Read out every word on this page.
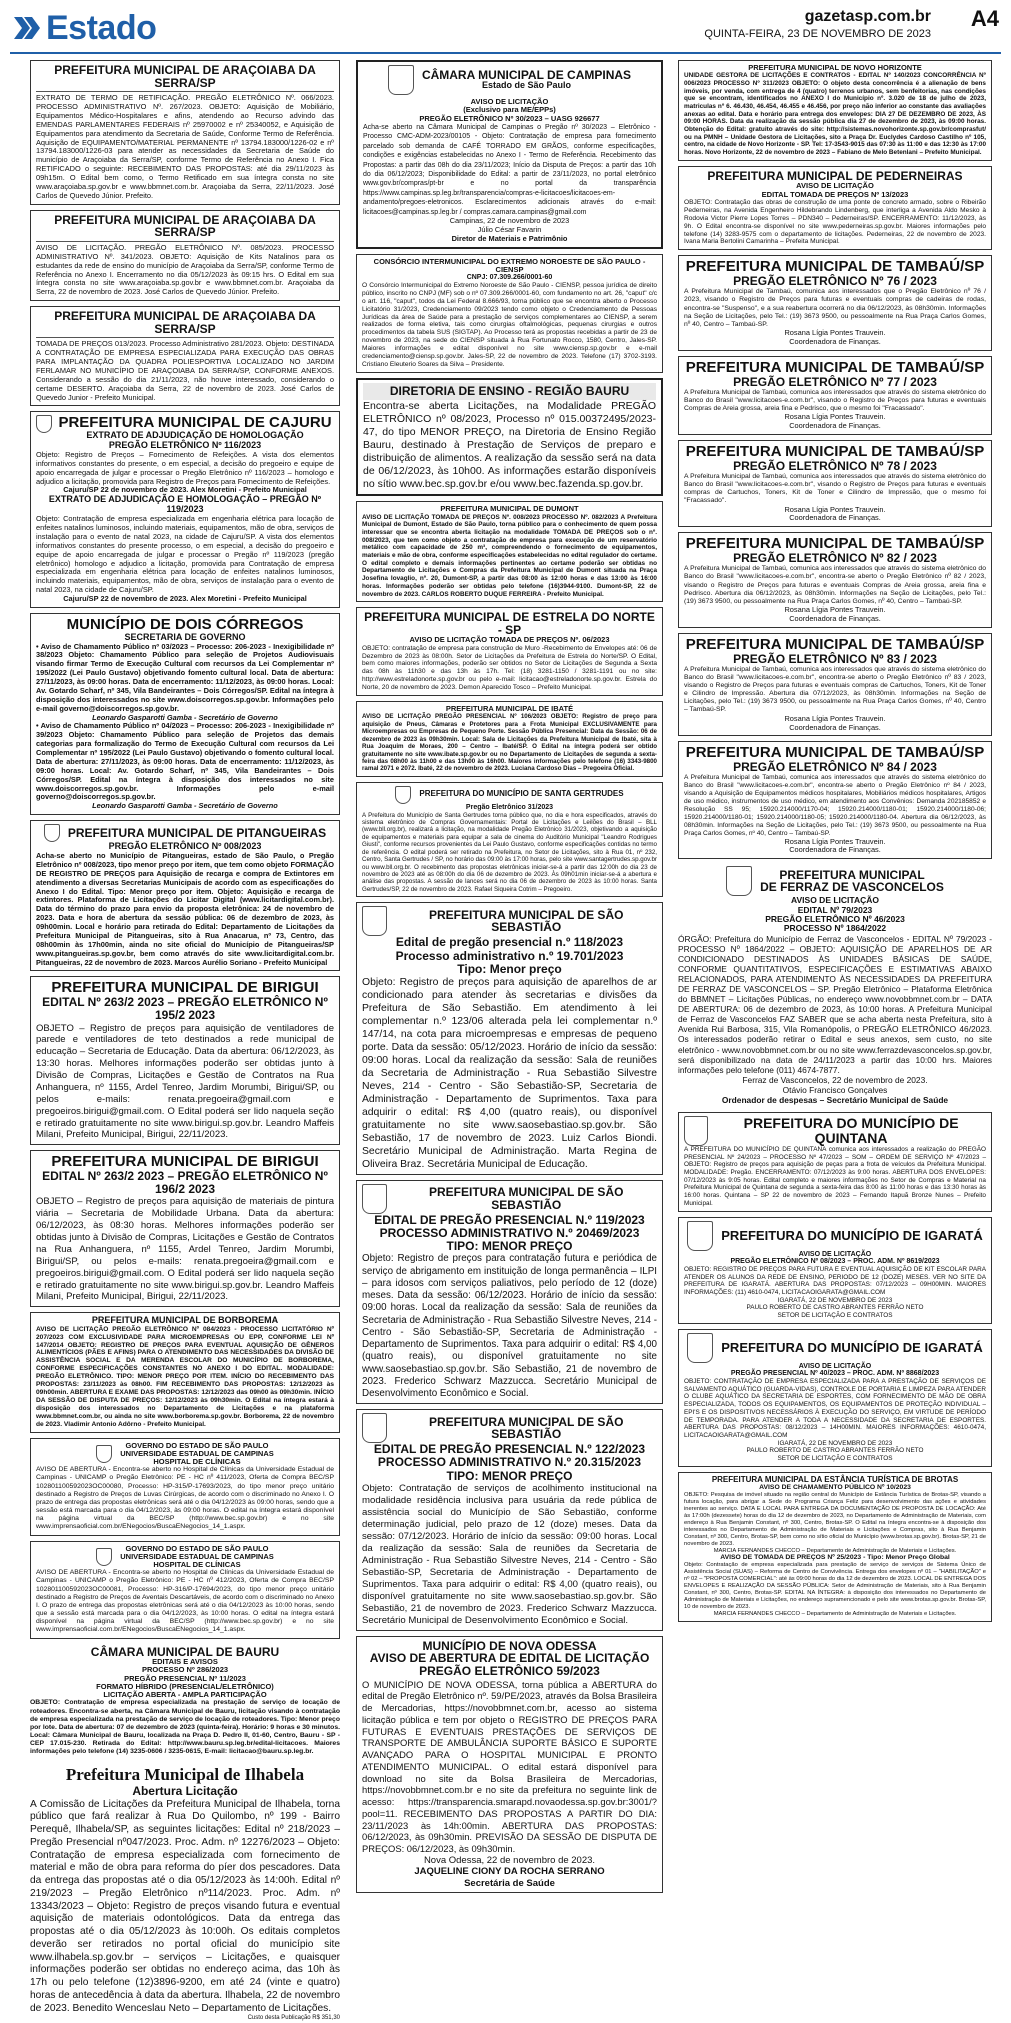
Estado	gazetasp.com.br
QUINTA-FEIRA, 23 DE NOVEMBRO DE 2023
A4
PREFEITURA MUNICIPAL DE ARAÇOIABA DA SERRA/SP
EXTRATO DE TERMO DE RETIFICAÇÃO. PREGÃO ELETRÔNICO Nº. 066/2023. PROCESSO ADMINISTRATIVO Nº. 267/2023. OBJETO: Aquisição de Mobiliário, Equipamentos Médico-Hospitalares e afins, atendendo ao Recurso advindo das EMENDAS PARLAMENTARES FEDERAIS nº 25970002 e nº 25340052, e Aquisição de Equipamentos para atendimento da Secretaria de Saúde, Conforme Termo de Referência. Aquisição de EQUIPAMENTO/MATERIAL PERMANENTE nº 13794.183000/1226-02 e nº 13794.183000/1226-03 para atender as necessidades da Secretaria de Saúde do município de Araçoiaba da Serra/SP, conforme Termo de Referência no Anexo I. Fica RETIFICADO o seguinte: RECEBIMENTO DAS PROPOSTAS: até dia 29/11/2023 às 09h15m. O Edital bem como, o Termo Retificado em sua íntegra consta no site www.araçoiaba.sp.gov.br e www.bbmnet.com.br. Araçoiaba da Serra, 22/11/2023. José Carlos de Quevedo Júnior. Prefeito.
PREFEITURA MUNICIPAL DE ARAÇOIABA DA SERRA/SP
AVISO DE LICITAÇÃO. PREGÃO ELETRÔNICO Nº. 085/2023. PROCESSO ADMINISTRATIVO Nº. 341/2023. OBJETO: Aquisição de Kits Natalinos para os estudantes da rede de ensino do município de Araçoiaba da Serra/SP, conforme Termo de Referência no Anexo I. Encerramento no dia 05/12/2023 às 09:15 hrs. O Edital em sua íntegra consta no site www.araçoiaba.sp.gov.br e www.bbmnet.com.br. Araçoiaba da Serra, 22 de novembro de 2023. José Carlos de Quevedo Júnior. Prefeito.
PREFEITURA MUNICIPAL DE ARAÇOIABA DA SERRA/SP
TOMADA DE PREÇOS 013/2023. Processo Administrativo 281/2023. Objeto: DESTINADA A CONTRATAÇÃO DE EMPRESA ESPECIALIZADA PARA EXECUÇÃO DAS OBRAS PARA IMPLANTAÇÃO DA QUADRA POLIESPORTIVA LOCALIZADO NO JARDIM FERLAMAR NO MUNICÍPIO DE ARAÇOIABA DA SERRA/SP, CONFORME ANEXOS. Considerando a sessão do dia 21/11/2023, não houve interessado, considerando o certame DESERTO. Araçoiaba da Serra, 22 de novembro de 2023. José Carlos de Quevedo Junior - Prefeito Municipal.
PREFEITURA MUNICIPAL DE CAJURU
EXTRATO DE ADJUDICAÇÃO DE HOMOLOGAÇÃO
PREGÃO ELETRÔNICO Nº 116/2023
Objeto: Registro de Preços – Fornecimento de Refeições. A vista dos elementos informativos constantes do presente, o em especial, a decisão do pregoeiro e equipe de apoio encarregada de julgar e processar o Pregão Eletrônico nº 116/2023 – homologo e adjudico a licitação, promovida para Registro de Preços para Fornecimento de Refeições.
Cajuru/SP 22 de novembro de 2023. Alex Moretini - Prefeito Municipal
EXTRATO DE ADJUDICAÇÃO E HOMOLOGAÇÃO – PREGÃO Nº 119/2023
Objeto: Contratação de empresa especializada em engenharia elétrica para locação de enfeites natalinos luminosos, incluindo materiais, equipamentos, mão de obra, serviços de instalação para o evento de natal 2023, na cidade de Cajuru/SP. A vista dos elementos informativos constantes do presente processo, o em especial, a decisão do pregoeiro e equipe de apoio encarregada de julgar e processar o Pregão nº 119/2023 (pregão eletrônico) homologo e adjudico a licitação, promovida para Contratação de empresa especializada em engenharia elétrica para locação de enfeites natalinos luminosos, incluindo materiais, equipamentos, mão de obra, serviços de instalação para o evento de natal 2023, na cidade de Cajuru/SP.
Cajuru/SP 22 de novembro de 2023. Alex Moretini - Prefeito Municipal
MUNICÍPIO DE DOIS CÓRREGOS
SECRETARIA DE GOVERNO
• Aviso de Chamamento Público nº 03/2023 – Processo: 206-2023 - Inexigibilidade nº 38/2023 Objeto: Chamamento Público para seleção de Projetos Audiovisuais visando firmar Termo de Execução Cultural com recursos da Lei Complementar nº 195/2022 (Lei Paulo Gustavo) objetivando fomento cultural local. Data de abertura: 27/11/2023, às 09:00 horas. Data de encerramento: 11/12/2023, às 09:00 horas. Local: Av. Gotardo Scharf, nº 345, Vila Bandeirantes – Dois Córregos/SP. Edital na íntegra à disposição dos interessados no site www.doiscorregos.sp.gov.br. Informações pelo e-mail governo@doiscorregos.sp.gov.br.
Leonardo Gasparotti Gamba - Secretário de Governo
• Aviso de Chamamento Público nº 04/2023 – Processo: 206-2023 - Inexigibilidade nº 39/2023 Objeto: Chamamento Público para seleção de Projetos das demais categorias para formalização do Termo de Execução Cultural com recursos da Lei Complementar nº 195/2022 (Lei Paulo Gustavo) objetivando o fomento cultural local. Data de abertura: 27/11/2023, às 09:00 horas. Data de encerramento: 11/12/2023, às 09:00 horas. Local: Av. Gotardo Scharf, nº 345, Vila Bandeirantes – Dois Córregos/SP. Edital na íntegra à disposição dos interessados no site www.doiscorregos.sp.gov.br. Informações pelo e-mail governo@doiscorregos.sp.gov.br.
Leonardo Gasparotti Gamba - Secretário de Governo
PREFEITURA MUNICIPAL DE PITANGUEIRAS
PREGÃO ELETRÔNICO Nº 008/2023
Acha-se aberto no Município de Pitangueiras, estado de São Paulo, o Pregão Eletrônico nº 008/2023, tipo menor preço por item, que tem como objeto FORMAÇÃO DE REGISTRO DE PREÇOS para Aquisição de recarga e compra de Extintores em atendimento a diversas Secretarias Municipais de acordo com as especificações do Anexo I do Edital. Tipo: Menor preço por item. Objeto: Aquisição e recarga de extintores. Plataforma de Licitações do Licitar Digital (www.licitardigital.com.br). Data do término do prazo para envio da proposta eletrônica: 24 de novembro de 2023. Data e hora de abertura da sessão pública: 06 de dezembro de 2023, às 09h00min. Local e horário para retirada do Edital: Departamento de Licitações da Prefeitura Municipal de Pitangueiras, sito à Rua Anacarua, nº 73, Centro, das 08h00min às 17h00min, ainda no site oficial do Município de Pitangueiras/SP www.pitangueiras.sp.gov.br, bem como através do site www.licitardigital.com.br. Pitangueiras, 22 de novembro de 2023. Marcos Aurélio Soriano - Prefeito Municipal
PREFEITURA MUNICIPAL DE BIRIGUI
EDITAL Nº 263/2 2023 – PREGÃO ELETRÔNICO Nº 195/2 2023
OBJETO – Registro de preços para aquisição de ventiladores de parede e ventiladores de teto destinados a rede municipal de educação – Secretaria de Educação. Data da abertura: 06/12/2023, às 13:30 horas. Melhores informações poderão ser obtidas junto à Divisão de Compras, Licitações e Gestão de Contratos na Rua Anhanguera, nº 1155, Ardel Tenreo, Jardim Morumbi, Birigui/SP, ou pelos e-mails: renata.pregoeira@gmail.com e pregoeiros.birigui@gmail.com. O Edital poderá ser lido naquela seção e retirado gratuitamente no site www.birigui.sp.gov.br. Leandro Maffeis Milani, Prefeito Municipal, Birigui, 22/11/2023.
PREFEITURA MUNICIPAL DE BIRIGUI
EDITAL Nº 263/2 2023 – PREGÃO ELETRÔNICO Nº 196/2 2023
OBJETO – Registro de preços para aquisição de materiais de pintura viária – Secretaria de Mobilidade Urbana. Data da abertura: 06/12/2023, às 08:30 horas. Melhores informações poderão ser obtidas junto à Divisão de Compras, Licitações e Gestão de Contratos na Rua Anhanguera, nº 1155, Ardel Tenreo, Jardim Morumbi, Birigui/SP, ou pelos e-mails: renata.pregoeira@gmail.com e pregoeiros.birigui@gmail.com. O Edital poderá ser lido naquela seção e retirado gratuitamente no site www.birigui.sp.gov.br. Leandro Maffeis Milani, Prefeito Municipal, Birigui, 22/11/2023.
PREFEITURA MUNICIPAL DE BORBOREMA
AVISO DE LICITAÇÃO PREGÃO ELETRÔNICO Nº 084/2023 - PROCESSO LICITATÓRIO Nº 207/2023 COM EXCLUSIVIDADE PARA MICROEMPRESAS OU EPP, CONFORME LEI Nº 147/2014 OBJETO: REGISTRO DE PREÇOS PARA EVENTUAL AQUISIÇÃO DE GÊNEROS ALIMENTÍCIOS (PÃES E AFINS) PARA O ATENDIMENTO DAS NECESSIDADES DA DIVISÃO DE ASSISTÊNCIA SOCIAL E DA MERENDA ESCOLAR DO MUNICÍPIO DE BORBOREMA, CONFORME ESPECIFICAÇÕES CONSTANTES NO ANEXO I DO EDITAL. MODALIDADE: PREGÃO ELETRÔNICO. TIPO: MENOR PREÇO POR ITEM. INÍCIO DO RECEBIMENTO DAS PROPOSTAS: 23/11/2023 às 08h00. FIM RECEBIMENTO DAS PROPOSTAS: 12/12/2023 às 09h00min. ABERTURA E EXAME DAS PROPOSTAS: 12/12/2023 das 09h00 às 09h30min. INÍCIO DA SESSÃO DE DISPUTA DE PREÇOS: 12/12/2023 às 09h30min. O Edital na íntegra estará à disposição dos interessados no Departamento de Licitações e na plataforma www.bbmnet.com.br, ou ainda no site www.borborema.sp.gov.br. Borborema, 22 de novembro de 2023. Vladimir Antonio Adôrno - Prefeito Municipal.
GOVERNO DO ESTADO DE SÃO PAULO
UNIVERSIDADE ESTADUAL DE CAMPINAS
HOSPITAL DE CLÍNICAS
AVISO DE ABERTURA - Encontra-se aberto no Hospital de Clínicas da Universidade Estadual de Campinas - UNICAMP o Pregão Eletrônico: PE - HC nº 411/2023, Oferta de Compra BEC/SP 102801100592023OC00080, Processo: HP-315/P-17693/2023, do tipo menor preço unitário destinado a Registro de Preços de Luvas Cirúrgicas, de acordo com o discriminado no Anexo I. O prazo de entrega das propostas eletrônicas será até o dia 04/12/2023 às 09:00 horas, sendo que a sessão está marcada para o dia 04/12/2023, às 09:00 horas. O edital na íntegra estará disponível na página virtual da BEC/SP (http://www.bec.sp.gov.br) e no site www.imprensaoficial.com.br/ENegocios/BuscaENegocios_14_1.aspx.
GOVERNO DO ESTADO DE SÃO PAULO
UNIVERSIDADE ESTADUAL DE CAMPINAS
HOSPITAL DE CLÍNICAS
AVISO DE ABERTURA - Encontra-se aberto no Hospital de Clínicas da Universidade Estadual de Campinas - UNICAMP o Pregão Eletrônico: PE - HC nº 412/2023, Oferta de Compra BEC/SP 102801100592023OC00081, Processo: HP-316/P-17694/2023, do tipo menor preço unitário destinado a Registro de Preços de Aventais Descartáveis, de acordo com o discriminado no Anexo I. O prazo de entrega das propostas eletrônicas será até o dia 04/12/2023 às 10:00 horas, sendo que a sessão está marcada para o dia 04/12/2023, às 10:00 horas. O edital na íntegra estará disponível na página virtual da BEC/SP (http://www.bec.sp.gov.br) e no site www.imprensaoficial.com.br/ENegocios/BuscaENegocios_14_1.aspx.
CÂMARA MUNICIPAL DE BAURU
EDITAIS E AVISOS
PROCESSO Nº 286/2023
PREGÃO PRESENCIAL Nº 11/2023
FORMATO HÍBRIDO (PRESENCIAL/ELETRÔNICO)
LICITAÇÃO ABERTA - AMPLA PARTICIPAÇÃO
OBJETO: Contratação de empresa especializada na prestação de serviço de locação de roteadores. Encontra-se aberta, na Câmara Municipal de Bauru, licitação visando à contratação de empresa especializada na prestação de serviço de locação de roteadores. Tipo: Menor preço por lote. Data de abertura: 07 de dezembro de 2023 (quinta-feira). Horário: 9 horas e 30 minutos. Local: Câmara Municipal de Bauru, localizada na Praça D. Pedro II, 01-60, Centro, Bauru - SP - CEP 17.015-230. Retirada do Edital: http://www.bauru.sp.leg.br/edital-licitacoes. Maiores informações pelo telefone (14) 3235-0606 / 3235-0615, E-mail: licitacao@bauru.sp.leg.br.
Prefeitura Municipal de Ilhabela
Abertura Licitação
A Comissão de Licitações da Prefeitura Municipal de Ilhabela, torna público que fará realizar à Rua Do Quilombo, nº 199 - Bairro Perequê, Ilhabela/SP, as seguintes licitações: Edital nº 218/2023 – Pregão Presencial nº047/2023. Proc. Adm. nº 12276/2023 – Objeto: Contratação de empresa especializada com fornecimento de material e mão de obra para reforma do píer dos pescadores. Data da entrega das propostas até o dia 05/12/2023 às 14:00h. Edital nº 219/2023 – Pregão Eletrônico nº114/2023. Proc. Adm. nº 13343/2023 – Objeto: Registro de preços visando futura e eventual aquisição de materiais odontológicos. Data da entrega das propostas até o dia 05/12/2023 às 10:00h. Os editais completos deverão ser retirados no portal oficial do município site www.ilhabela.sp.gov.br – serviços – Licitações, e quaisquer informações poderão ser obtidas no endereço acima, das 10h às 17h ou pelo telefone (12)3896-9200, em até 24 (vinte e quatro) horas de antecedência à data da abertura. Ilhabela, 22 de novembro de 2023. Benedito Wenceslau Neto – Departamento de Licitações.
Custo desta Publicação R$ 351,30
CÂMARA MUNICIPAL DE CAMPINAS
Estado de São Paulo
AVISO DE LICITAÇÃO
(Exclusivo para ME/EPPs)
PREGÃO ELETRÔNICO Nº 30/2023 – UASG 926677
Acha-se aberto na Câmara Municipal de Campinas o Pregão nº 30/2023 – Eletrônico - Processo CMC-ADM-2023/00105 - Objeto: Contratação de empresa para fornecimento parcelado sob demanda de CAFÉ TORRADO EM GRÃOS, conforme especificações, condições e exigências estabelecidas no Anexo I - Termo de Referência. Recebimento das Propostas: a partir das 08h do dia 23/11/2023; Início da Disputa de Preços: a partir das 10h do dia 06/12/2023; Disponibilidade do Edital: a partir de 23/11/2023, no portal eletrônico www.gov.br/compras/pt-br e no portal da transparência https://www.campinas.sp.leg.br/transparencia/compras-e-licitacoes/licitacoes-em-andamento/pregoes-eletronicos. Esclarecimentos adicionais através do e-mail: licitacoes@campinas.sp.leg.br / compras.camara.campinas@gmail.com
Campinas, 22 de novembro de 2023
Júlio César Favarin
Diretor de Materiais e Patrimônio
CONSÓRCIO INTERMUNICIPAL DO EXTREMO NOROESTE DE SÃO PAULO - CIENSP
CNPJ: 07.309.266/0001-60
O Consórcio Intermunicipal do Extremo Noroeste de São Paulo - CIENSP, pessoa jurídica de direito público, inscrito no CNPJ (MF) sob o nº 07.309.266/0001-60, com fundamento no art. 26, "caput" c/c o art. 116, "caput", todos da Lei Federal 8.666/93, torna público que se encontra aberto o Processo Licitatório 31/2023, Credenciamento 09/2023 tendo como objeto o Credenciamento de Pessoas Jurídicas da área de Saúde para a prestação de serviços complementares ao CIENSP, a serem realizados de forma eletiva, tais como cirurgias oftalmológicas, pequenas cirurgias e outros procedimentos da tabela SUS (SIGTAP). Ao Processo terá as propostas recebidas a partir de 23 de novembro de 2023, na sede do CIENSP situada à Rua Fortunato Rocco, 1580, Centro, Jales-SP. Maiores informações e edital disponível no site www.ciensp.sp.gov.br e e-mail credenciamento@ciensp.sp.gov.br. Jales-SP, 22 de novembro de 2023. Telefone (17) 3702-3193. Cristiano Eleuterio Soares da Silva – Presidente.
DIRETORIA DE ENSINO - REGIÃO BAURU
Encontra-se aberta Licitações, na Modalidade PREGÃO ELETRÔNICO nº 08/2023, Processo nº 015.00372495/2023-47, do tipo MENOR PREÇO, na Diretoria de Ensino Região Bauru, destinado à Prestação de Serviços de preparo e distribuição de alimentos. A realização da sessão será na data de 06/12/2023, às 10h00. As informações estarão disponíveis no sítio www.bec.sp.gov.br e/ou www.bec.fazenda.sp.gov.br.
PREFEITURA MUNICIPAL DE DUMONT
AVISO DE LICITAÇÃO TOMADA DE PREÇOS Nº. 008/2023 PROCESSO Nº. 082/2023 A Prefeitura Municipal de Dumont, Estado de São Paulo, torna público para o conhecimento de quem possa interessar que se encontra aberta licitação na modalidade TOMADA DE PREÇOS sob o nº. 008/2023, que tem como objeto a contratação de empresa para execução de um reservatório metálico com capacidade de 250 m³, compreendendo o fornecimento de equipamentos, materiais e mão de obra, conforme especificações estabelecidas no edital regulador do certame. O edital completo e demais informações pertinentes ao certame poderão ser obtidas no Departamento de Licitações e Compras da Prefeitura Municipal de Dumont situada na Praça Josefina Iovaglio, nº. 20, Dumont-SP, a partir das 08:00 às 12:00 horas e das 13:00 às 16:00 horas. Informações poderão ser obtidas pelo telefone (16)3944-9100. Dumont-SP, 22 de novembro de 2023. CARLOS ROBERTO DUQUE FERREIRA - Prefeito Municipal.
PREFEITURA MUNICIPAL DE ESTRELA DO NORTE - SP
AVISO DE LICITAÇÃO TOMADA DE PREÇOS Nº. 06/2023
OBJETO: contratação de empresa para construção de Muro -Recebimento de Envelopes até: 06 de Dezembro de 2023 às 08:00h. Setor de Licitações da Prefeitura de Estrela do Norte/SP. O Edital, bem como maiores informações, poderão ser obtidos no Setor de Licitações de Segunda a Sexta das 08h às 11h30 e das 13h às 17h. Tel: (18) 3281-1150 / 3281-1191 ou no site: http://www.estreladonorte.sp.gov.br ou pelo e-mail: licitacao@estreladonorte.sp.gov.br. Estrela do Norte, 20 de novembro de 2023. Demon Aparecido Tosco – Prefeito Municipal.
PREFEITURA MUNICIPAL DE IBATÉ
AVISO DE LICITAÇÃO PREGÃO PRESENCIAL Nº 106/2023 OBJETO: Registro de preço para aquisição de Pneus, Câmaras e Protetores para a Frota Municipal EXCLUSIVAMENTE para Microempresas ou Empresas de Pequeno Porte. Sessão Pública Presencial: Data da Sessão: 06 de dezembro de 2023 às 09h30min. Local: Sala de Licitações da Prefeitura Municipal de Ibaté, sita à Rua Joaquim de Moraes, 200 – Centro – Ibaté/SP. O Edital na íntegra poderá ser obtido gratuitamente no site www.ibate.sp.gov.br ou no Departamento de Licitações de segunda a sexta-feira das 08h00 às 11h00 e das 13h00 às 16h00. Maiores informações pelo telefone (16) 3343-9800 ramal 2071 e 2072. Ibaté, 22 de novembro de 2023. Luciana Cardoso Dias – Pregoeira Oficial.
PREFEITURA DO MUNICÍPIO DE SANTA GERTRUDES
Pregão Eletrônico 31/2023
A Prefeitura do Município de Santa Gertrudes torna público que, no dia e hora especificados, através do sistema eletrônico de Compras Governamentais: Portal de Licitações e Leilões do Brasil – BLL (www.bll.org.br), realizará a licitação, na modalidade Pregão Eletrônico 31/2023, objetivando a aquisição de equipamentos e materiais para equipar a sala de cinema do Auditório Municipal "Leandro Rodrigues Giusti", conforme recursos provenientes da Lei Paulo Gustavo, conforme especificações contidas no termo de referência. O edital poderá ser retirado na Prefeitura, no Setor de Licitações, sito à Rua 01, nº 232, Centro, Santa Gertrudes / SP, no horário das 09:00 às 17:00 horas, pelo site www.santagertrudes.sp.gov.br ou www.bll.org.br. O recebimento das propostas eletrônicas iniciar-se-á a partir das 12:00h do dia 23 de novembro de 2023 até as 08:00h do dia 06 de dezembro de 2023. Às 09h01min iniciar-se-á a abertura e análise das propostas. A sessão de lances será no dia 06 de dezembro de 2023 às 10:00 horas. Santa Gertrudes/SP, 22 de novembro de 2023. Rafael Siqueira Cotrim – Pregoeiro.
PREFEITURA MUNICIPAL DE SÃO SEBASTIÃO
Edital de pregão presencial n.º 118/2023
Processo administrativo n.º 19.701/2023
Tipo: Menor preço
Objeto: Registro de preços para aquisição de aparelhos de ar condicionado para atender às secretarias e divisões da Prefeitura de São Sebastião. Em atendimento à lei complementar n.º 123/06 alterada pela lei complementar n.º 147/14, na cota para microempresas e empresas de pequeno porte. Data da sessão: 05/12/2023. Horário de início da sessão: 09:00 horas. Local da realização da sessão: Sala de reuniões da Secretaria de Administração - Rua Sebastião Silvestre Neves, 214 - Centro - São Sebastião-SP, Secretaria de Administração - Departamento de Suprimentos. Taxa para adquirir o edital: R$ 4,00 (quatro reais), ou disponível gratuitamente no site www.saosebastiao.sp.gov.br. São Sebastião, 17 de novembro de 2023. Luiz Carlos Biondi. Secretário Municipal de Administração. Marta Regina de Oliveira Braz. Secretária Municipal de Educação.
PREFEITURA MUNICIPAL DE SÃO SEBASTIÃO
EDITAL DE PREGÃO PRESENCIAL N.º 119/2023
PROCESSO ADMINISTRATIVO N.º 20469/2023
TIPO: MENOR PREÇO
Objeto: Registro de preços para contratação futura e periódica de serviço de abrigamento em instituição de longa permanência – ILPI – para idosos com serviços paliativos, pelo período de 12 (doze) meses. Data da sessão: 06/12/2023. Horário de início da sessão: 09:00 horas. Local da realização da sessão: Sala de reuniões da Secretaria de Administração - Rua Sebastião Silvestre Neves, 214 - Centro - São Sebastião-SP, Secretaria de Administração - Departamento de Suprimentos. Taxa para adquirir o edital: R$ 4,00 (quatro reais), ou disponível gratuitamente no site www.saosebastiao.sp.gov.br. São Sebastião, 21 de novembro de 2023. Frederico Schwarz Mazzucca. Secretário Municipal de Desenvolvimento Econômico e Social.
PREFEITURA MUNICIPAL DE SÃO SEBASTIÃO
EDITAL DE PREGÃO PRESENCIAL N.º 122/2023
PROCESSO ADMINISTRATIVO N.º 20.315/2023
TIPO: MENOR PREÇO
Objeto: Contratação de serviços de acolhimento institucional na modalidade residência inclusiva para usuária da rede pública de assistência social do Município de São Sebastião, conforme determinação judicial, pelo prazo de 12 (doze) meses. Data da sessão: 07/12/2023. Horário de início da sessão: 09:00 horas. Local da realização da sessão: Sala de reuniões da Secretaria de Administração - Rua Sebastião Silvestre Neves, 214 - Centro - São Sebastião-SP, Secretaria de Administração - Departamento de Suprimentos. Taxa para adquirir o edital: R$ 4,00 (quatro reais), ou disponível gratuitamente no site www.saosebastiao.sp.gov.br. São Sebastião, 21 de novembro de 2023. Frederico Schwarz Mazzucca. Secretário Municipal de Desenvolvimento Econômico e Social.
MUNICÍPIO DE NOVA ODESSA
AVISO DE ABERTURA DE EDITAL DE LICITAÇÃO
PREGÃO ELETRÔNICO 59/2023
O MUNICÍPIO DE NOVA ODESSA, torna pública a ABERTURA do edital de Pregão Eletrônico nº. 59/PE/2023, através da Bolsa Brasileira de Mercadorias, https://novobbmnet.com.br, acesso ao sistema licitação pública e tem por objeto o REGISTRO DE PREÇOS PARA FUTURAS E EVENTUAIS PRESTAÇÕES DE SERVIÇOS DE TRANSPORTE DE AMBULÂNCIA SUPORTE BÁSICO E SUPORTE AVANÇADO PARA O HOSPITAL MUNICIPAL E PRONTO ATENDIMENTO MUNICIPAL. O edital estará disponível para download no site da Bolsa Brasileira de Mercadorias, https://novobbmnet.com.br e no site da prefeitura no seguinte link de acesso: https://transparencia.smarapd.novaodessa.sp.gov.br:3001/?pool=11. RECEBIMENTO DAS PROPOSTAS A PARTIR DO DIA: 23/11/2023 às 14h:00min. ABERTURA DAS PROPOSTAS: 06/12/2023, às 09h30min. PREVISÃO DA SESSÃO DE DISPUTA DE PREÇOS: 06/12/2023, às 09h30min.
Nova Odessa, 22 de novembro de 2023.
JAQUELINE CIONY DA ROCHA SERRANO
Secretária de Saúde
PREFEITURA MUNICIPAL DE NOVO HORIZONTE
UNIDADE GESTORA DE LICITAÇÕES E CONTRATOS - EDITAL Nº 140/2023 CONCORRÊNCIA Nº 006/2023 PROCESSO Nº 311/2023 OBJETO: O objeto desta concorrência é a alienação de bens imóveis, por venda, com entrega de 4 (quatro) terrenos urbanos, sem benfeitorias, nas condições que se encontram, identificados no ANEXO I do Município nº. 3.020 de 18 de julho de 2023, matriculas nº 6. 46.430, 46.454, 46.455 e 46.456, por preço não inferior ao constante das avaliações anexas ao edital. Data e horário para entrega dos envelopes: DIA 27 DE DEZEMBRO DE 2023, ÀS 09:00 HORAS. Data da realização da sessão pública dia 27 de dezembro de 2023, às 09:00 horas. Obtenção do Edital: gratuito através do site: http://sistemas.novohorizonte.sp.gov.br/comprasfut/ ou na PMNH – Unidade Gestora de Licitações, sito a Praça Dr. Euclydes Cardoso Castilho nº 105, centro, na cidade de Novo Horizonte - SP. Tel: 17-3543-9015 das 07:30 às 11:00 e das 12:30 às 17:00 horas. Novo Horizonte, 22 de novembro de 2023 – Fabiano de Melo Betenlani – Prefeito Municipal.
PREFEITURA MUNICIPAL DE PEDERNEIRAS
AVISO DE LICITAÇÃO
EDITAL TOMADA DE PREÇOS Nº 13/2023
OBJETO: Contratação das obras de construção de uma ponte de concreto armado, sobre o Ribeirão Pederneiras, na Avenida Engenheiro Hildebrando Lindenberg, que interliga a Avenida Aldo Mesko à Rodovia Victor Pierre Lopes Torres – PDN340 – Pederneiras/SP. ENCERRAMENTO: 11/12/2023, às 9h. O Edital encontra-se disponível no site www.pederneiras.sp.gov.br. Maiores informações pelo telefone (14) 3283-9575 com o departamento de licitações. Pederneiras, 22 de novembro de 2023. Ivana Maria Bertolini Camarinha – Prefeita Municipal.
PREFEITURA MUNICIPAL DE TAMBAÚ/SP
PREGÃO ELETRÔNICO Nº 76 / 2023
A Prefeitura Municipal de Tambaú, comunica aos interessados que o Pregão Eletrônico nº 76 / 2023, visando o Registro de Preços para futuras e eventuais compras de cadeiras de rodas, encontra-se "Suspenso", e a sua reabertura ocorrerá no dia 06/12/2023, às 08h30min. Informações na Seção de Licitações, pelo Tel.: (19) 3673 9500, ou pessoalmente na Rua Praça Carlos Gomes, nº 40, Centro – Tambaú-SP.
Rosana Lígia Pontes Trauvein.
Coordenadora de Finanças.
PREFEITURA MUNICIPAL DE TAMBAÚ/SP
PREGÃO ELETRÔNICO Nº 77 / 2023
A Prefeitura Municipal de Tambaú, comunica aos interessados que através do sistema eletrônico do Banco do Brasil "www.licitacoes-e.com.br", visando o Registro de Preços para futuras e eventuais Compras de Areia grossa, areia fina e Pedrisco, que o mesmo foi "Fracassado".
Rosana Lígia Pontes Trauvein.
Coordenadora de Finanças.
PREFEITURA MUNICIPAL DE TAMBAÚ/SP
PREGÃO ELETRÔNICO Nº 78 / 2023
A Prefeitura Municipal de Tambaú, comunica aos interessados que através do sistema eletrônico do Banco do Brasil "www.licitacoes-e.com.br", visando o Registro de Preços para futuras e eventuais compras de Cartuchos, Toners, Kit de Toner e Cilindro de Impressão, que o mesmo foi "Fracassado".
Rosana Lígia Pontes Trauvein.
Coordenadora de Finanças.
PREFEITURA MUNICIPAL DE TAMBAÚ/SP
PREGÃO ELETRÔNICO Nº 82 / 2023
A Prefeitura Municipal de Tambaú, comunica aos interessados que através do sistema eletrônico do Banco do Brasil "www.licitacoes-e.com.br", encontra-se aberto o Pregão Eletrônico nº 82 / 2023, visando o Registro de Preços para futuras e eventuais Compras de Areia grossa, areia fina e Pedrisco. Abertura dia 06/12/2023, às 08h30min. Informações na Seção de Licitações, pelo Tel.: (19) 3673 9500, ou pessoalmente na Rua Praça Carlos Gomes, nº 40, Centro – Tambaú-SP.
Rosana Lígia Pontes Trauvein.
Coordenadora de Finanças.
PREFEITURA MUNICIPAL DE TAMBAÚ/SP
PREGÃO ELETRÔNICO Nº 83 / 2023
A Prefeitura Municipal de Tambaú, comunica aos interessados que através do sistema eletrônico do Banco do Brasil "www.licitacoes-e.com.br", encontra-se aberto o Pregão Eletrônico nº 83 / 2023, visando o Registro de Preços para futuras e eventuais compras de Cartuchos, Toners, Kit de Toner e Cilindro de Impressão. Abertura dia 07/12/2023, às 08h30min. Informações na Seção de Licitações, pelo Tel.: (19) 3673 9500, ou pessoalmente na Rua Praça Carlos Gomes, nº 40, Centro – Tambaú-SP.
Rosana Lígia Pontes Trauvein.
Coordenadora de Finanças.
PREFEITURA MUNICIPAL DE TAMBAÚ/SP
PREGÃO ELETRÔNICO Nº 84 / 2023
A Prefeitura Municipal de Tambaú, comunica aos interessados que através do sistema eletrônico do Banco do Brasil "www.licitacoes-e.com.br", encontra-se aberto o Pregão Eletrônico nº 84 / 2023, visando a Aquisição de Equipamentos médicos hospitalares, Mobiliários médicos hospitalares, Artigos de uso médico, instrumentos de uso médico, em atendimento aos Convênios: Demanda 202185852 e Resolução SS 95; 15920.214000/1170-04; 15920.214000/1180-01; 15920.214000/1180-06; 15920.214000/1180-01; 15920.214000/1180-05; 15920.214000/1180-04. Abertura dia 06/12/2023, às 08h30min. Informações na Seção de Licitações, pelo Tel.: (19) 3673 9500, ou pessoalmente na Rua Praça Carlos Gomes, nº 40, Centro – Tambaú-SP.
Rosana Lígia Pontes Trauvein.
Coordenadora de Finanças.
PREFEITURA MUNICIPAL
DE FERRAZ DE VASCONCELOS
AVISO DE LICITAÇÃO
EDITAL Nº 79/2023
PREGÃO ELETRÔNICO Nº 46/2023
PROCESSO Nº 1864/2022
ÓRGÃO: Prefeitura do Município de Ferraz de Vasconcelos - EDITAL Nº 79/2023 - PROCESSO Nº 1864/2022 – OBJETO: AQUISIÇÃO DE APARELHOS DE AR CONDICIONADO DESTINADOS ÀS UNIDADES BÁSICAS DE SAÚDE, CONFORME QUANTITATIVOS, ESPECIFICAÇÕES E ESTIMATIVAS ABAIXO RELACIONADOS, PARA ATENDIMENTO ÀS NECESSIDADES DA PREFEITURA DE FERRAZ DE VASCONCELOS – SP. Pregão Eletrônico – Plataforma Eletrônica do BBMNET – Licitações Públicas, no endereço www.novobbmnet.com.br – DATA DE ABERTURA: 06 de dezembro de 2023, às 10:00 horas. A Prefeitura Municipal de Ferraz de Vasconcelos FAZ SABER que se acha aberta nesta Prefeitura, sito à Avenida Rui Barbosa, 315, Vila Romanópolis, o PREGÃO ELETRÔNICO 46/2023. Os interessados poderão retirar o Edital e seus anexos, sem custo, no site eletrônico - www.novobbmnet.com.br ou no site www.ferrazdevasconcelos.sp.gov.br, será disponibilizado na data de 24/11/2023 a partir das 10:00 hrs. Maiores informações pelo telefone (011) 4674-7877.
Ferraz de Vasconcelos, 22 de novembro de 2023.
Otávio Francisco Gonçalves
Ordenador de despesas – Secretário Municipal de Saúde
PREFEITURA DO MUNICÍPIO DE QUINTANA
A PREFEITURA DO MUNICÍPIO DE QUINTANA comunica aos interessados a realização do PREGÃO PRESENCIAL Nº 24/2023 – PROCESSO Nº 47/2023 – SOM – ORDEM DE SERVIÇO Nº 47/2023 – OBJETO: Registro de preços para aquisição de peças para a frota de veículos da Prefeitura Municipal. MODALIDADE: Pregão. ENCERRAMENTO: 07/12/2023 às 9:00 horas. ABERTURA DOS ENVELOPES: 07/12/2023 às 9:05 horas. Edital completo e maiores informações no Setor de Compras e Material na Prefeitura Municipal de Quintana de segunda a sexta-feira das 8:00 às 11:00 horas e das 13:30 horas às 16:00 horas. Quintana – SP 22 de novembro de 2023 – Fernando Itapuã Bronze Nunes – Prefeito Municipal.
PREFEITURA DO MUNICÍPIO DE IGARATÁ
AVISO DE LICITAÇÃO
PREGÃO ELETRÔNICO Nº 08/2023 – PROC. ADM. Nº 8619/2023
OBJETO: REGISTRO DE PREÇOS PARA FUTURA E EVENTUAL AQUISIÇÃO DE KIT ESCOLAR PARA ATENDER OS ALUNOS DA REDE DE ENSINO, PERIODO DE 12 (DOZE) MESES. VER NO SITE DA PREFEITURA DE IGARATÁ. ABERTURA DAS PROPOSTAS: 07/12/2023 – 09H00MIN. MAIORES INFORMAÇÕES: (11) 4610-0474, LICITACAOIGARATA@GMAIL.COM
IGARATÁ, 22 DE NOVEMBRO DE 2023
PAULO ROBERTO DE CASTRO ABRANTES FERRÃO NETO
SETOR DE LICITAÇÃO E CONTRATOS
PREFEITURA DO MUNICÍPIO DE IGARATÁ
AVISO DE LICITAÇÃO
PREGÃO PRESENCIAL Nº 40/2023 – PROC. ADM. Nº 8868/2023
OBJETO: CONTRATAÇÃO DE EMPRESA ESPECIALIZADA PARA A PRESTAÇÃO DE SERVIÇOS DE SALVAMENTO AQUÁTICO (GUARDA-VIDAS), CONTROLE DE PORTARIA E LIMPEZA PARA ATENDER O CLUBE AQUÁTICO DA SECRETARIA DE ESPORTES, COM FORNECIMENTO DE MÃO DE OBRA ESPECIALIZADA, TODOS OS EQUIPAMENTOS, OS EQUIPAMENTOS DE PROTEÇÃO INDIVIDUAL – EPI'S E OS DISPOSITIVOS NECESSÁRIOS À EXECUÇÃO DO SERVIÇO, EM VIRTUDE DE PERÍODO DE TEMPORADA. PARA ATENDER A TODA A NECESSIDADE DA SECRETARIA DE ESPORTES. ABERTURA DAS PROPOSTAS: 08/12/2023 – 14H00MIN. MAIORES INFORMAÇÕES: 4610-0474, LICITACAOIGARATA@GMAIL.COM
IGARATÁ, 22 DE NOVEMBRO DE 2023
PAULO ROBERTO DE CASTRO ABRANTES FERRÃO NETO
SETOR DE LICITAÇÃO E CONTRATOS
PREFEITURA MUNICIPAL DA ESTÂNCIA TURÍSTICA DE BROTAS
AVISO DE CHAMAMENTO PÚBLICO Nº 10/2023
OBJETO: Pesquisa de imóvel situado na região central do Município de Estância Turística de Brotas-SP, visando a futura locação, para abrigar a Sede do Programa Criança Feliz para desenvolvimento das ações e atividades inerentes ao serviço. DATA E LOCAL PARA ENTREGA DA DOCUMENTAÇÃO DE PROPOSTA DE LOCAÇÃO: Até às 17:00h (dezessete) horas do dia 12 de dezembro de 2023, no Departamento de Administração de Materiais, com endereço à Rua Benjamin Constant, nº 300, Centro, Brotas-SP. O Edital na íntegra encontra-se à disposição dos interessados no Departamento de Administração de Materiais e Licitações e Compras, sito à Rua Benjamin Constant, nº 300, Centro, Brotas-SP, bem como no sítio oficial do Município (www.brotas.sp.gov.br). Brotas-SP, 21 de novembro de 2023.
MARCIA FERNANDES CHECCO – Departamento de Administração de Materiais e Licitações.
AVISO DE TOMADA DE PREÇOS Nº 25/2023 - Tipo: Menor Preço Global
Objeto: Contratação de empresa especializada para prestação de serviço de serviços de Sistema Único de Assistência Social (SUAS) – Reforma de Centro de Convivência. Entrega dos envelopes nº 01 – "HABILITAÇÃO" e nº 02 – "PROPOSTA COMERCIAL": até às 09:00 horas do dia 12 de dezembro de 2023. LOCAL DE ENTREGA DOS ENVELOPES E REALIZAÇÃO DA SESSÃO PÚBLICA: Setor de Administração de Materiais, sito à Rua Benjamin Constant, nº 300, Centro, Brotas-SP. EDITAL NA ÍNTEGRA: à disposição dos interessados no Departamento de Administração de Materiais e Licitações, no endereço supramencionado e pelo site www.brotas.sp.gov.br. Brotas-SP, 10 de novembro de 2023.
MARCIA FERNANDES CHECCO – Departamento de Administração de Materiais e Licitações.
